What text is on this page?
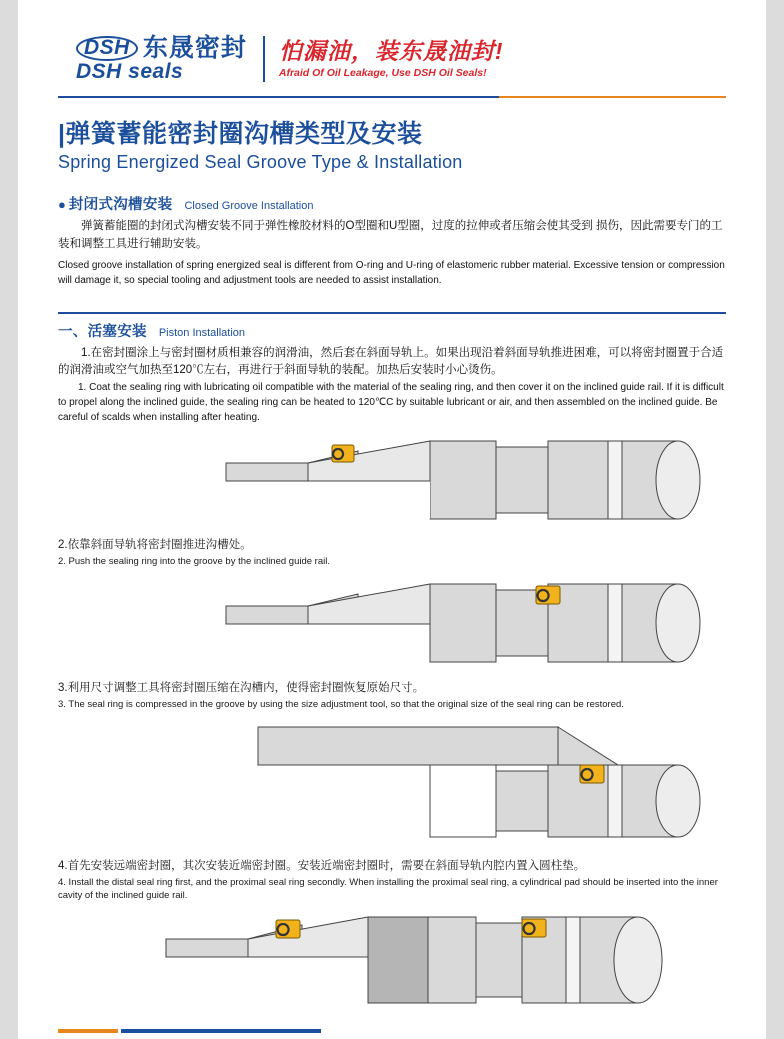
DSH 东晟密封
DSH seals
怕漏油，装东晟油封!
Afraid Of Oil Leakage, Use DSH Oil Seals!
|弹簧蓄能密封圈沟槽类型及安装
Spring Energized Seal Groove Type & Installation
● 封闭式沟槽安装 Closed Groove Installation

弹簧蓄能圈的封闭式沟槽安装不同于弹性橡胶材料的O型圈和U型圈，过度的拉伸或者压缩会使其受到 损伤，因此需要专门的工装和调整工具进行辅助安装。

Closed groove installation of spring energized seal is different from O-ring and U-ring of elastomeric rubber material. Excessive tension or compression will damage it, so special tooling and adjustment tools are needed to assist installation.

一、活塞安装 Piston Installation

1.在密封圈涂上与密封圈材质相兼容的润滑油，然后套在斜面导轨上。如果出现沿着斜面导轨推进困难，可以将密封圈置于合适的润滑油或空气加热至120℃左右，再进行于斜面导轨的装配。加热后安装时小心烫伤。

1. Coat the sealing ring with lubricating oil compatible with the material of the sealing ring, and then cover it on the inclined guide rail. If it is difficult to propel along the inclined guide, the sealing ring can be heated to 120℃C by suitable lubricant or air, and then assembled on the inclined guide. Be careful of scalds when installing after heating.

2.依靠斜面导轨将密封圈推进沟槽处。

2. Push the sealing ring into the groove by the inclined guide rail.

3.利用尺寸调整工具将密封圈压缩在沟槽内，使得密封圈恢复原始尺寸。

3. The seal ring is compressed in the groove by using the size adjustment tool, so that the original size of the seal ring can be restored.

4.首先安装远端密封圈，其次安装近端密封圈。安装近端密封圈时，需要在斜面导轨内腔内置入圆柱垫。

4. Install the distal seal ring first, and the proximal seal ring secondly. When installing the proximal seal ring, a cylindrical pad should be inserted into the inner cavity of the inclined guide rail.
